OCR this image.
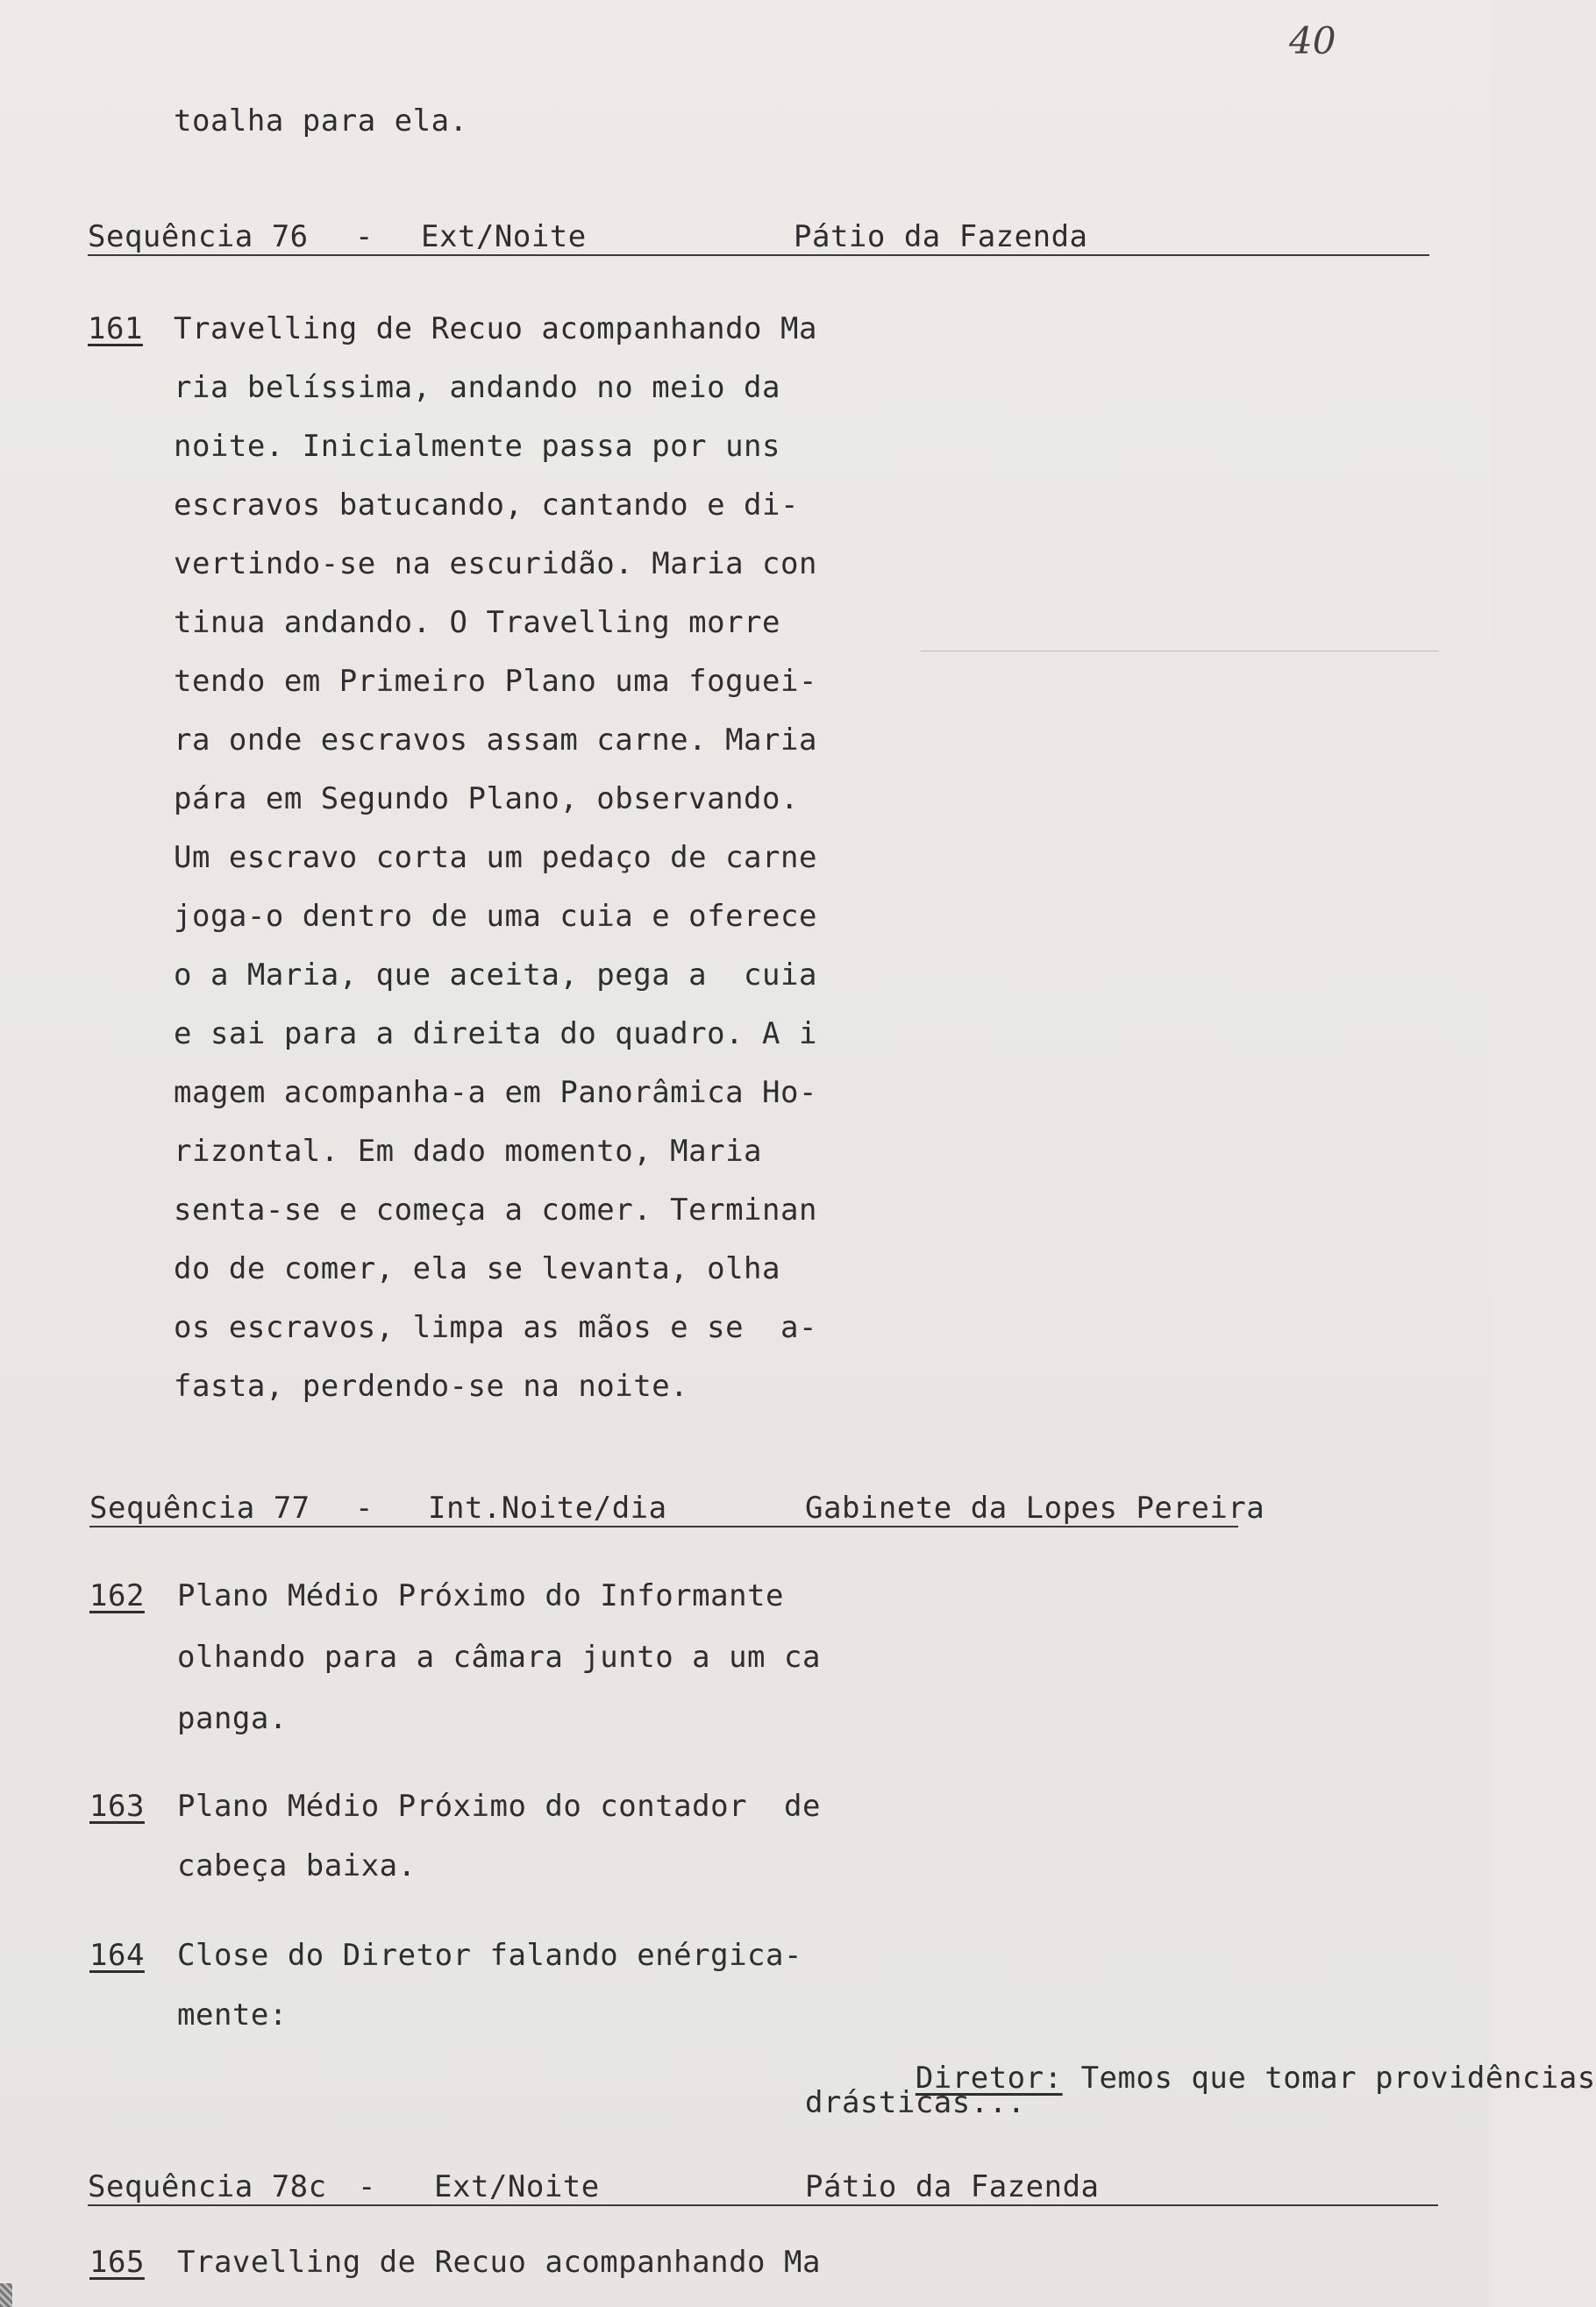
40
toalha para ela.
Sequência 76 - Ext/Noite	Pátio da Fazenda
161 Travelling de Recuo acompanhando Ma
ria belíssima, andando no meio da
noite. Inicialmente passa por uns
escravos batucando, cantando e di-
vertindo-se na escuridão. Maria con
tinua andando. O Travelling morre
tendo em Primeiro Plano uma foguei-
ra onde escravos assam carne. Maria
pára em Segundo Plano, observando.
Um escravo corta um pedaço de carne
joga-o dentro de uma cuia e oferece
o a Maria, que aceita, pega a  cuia
e sai para a direita do quadro. A i
magem acompanha-a em Panorâmica Ho-
rizontal. Em dado momento, Maria
senta-se e começa a comer. Terminan
do de comer, ela se levanta, olha
os escravos, limpa as mãos e se  a-
fasta, perdendo-se na noite.
Sequência 77 - Int.Noite/dia	Gabinete da Lopes Pereira
162 Plano Médio Próximo do Informante
olhando para a câmara junto a um ca
panga.
163 Plano Médio Próximo do contador  de
cabeça baixa.
164 Close do Diretor falando enérgica-
mente:

Diretor: Temos que tomar providências

drásticas...
Sequência 78c - Ext/Noite	Pátio da Fazenda
165 Travelling de Recuo acompanhando Ma
